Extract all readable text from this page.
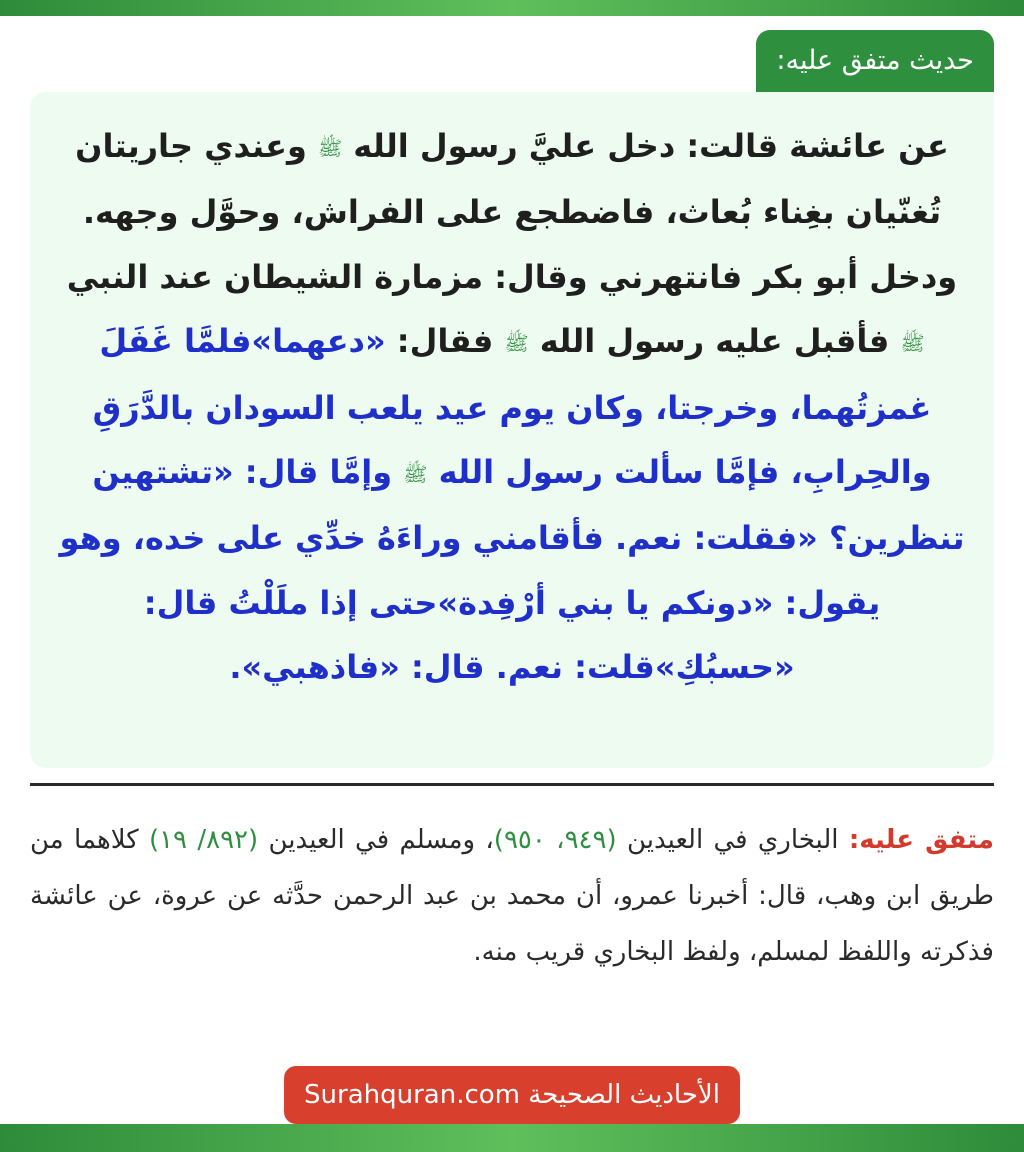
حديث متفق عليه:

عن عائشة قالت: دخل عليَّ رسول الله ﷺ وعندي جاريتان تُغنّيان بغِناء بُعاث، فاضطجع على الفراش، وحوَّل وجهه. ودخل أبو بكر فانتهرني وقال: مزمارة الشيطان عند النبي ﷺ فأقبل عليه رسول الله ﷺ فقال: «دعهما»فلمَّا غَفَلَ غمزتُهما، وخرجتا، وكان يوم عيد يلعب السودان بالدَّرَقِ والحِرابِ، فإمَّا سألت رسول الله ﷺ وإمَّا قال: «تشتهين تنظرين؟ «فقلت: نعم. فأقامني وراءَهُ خدِّي على خده، وهو يقول: «دونكم يا بني أرْفِدة»حتى إذا ملَلْتُ قال: «حسبُكِ»قلت: نعم. قال: «فاذهبي».

متفق عليه: البخاري في العيدين (٩٤٩، ٩٥٠)، ومسلم في العيدين (٨٩٢/ ١٩) كلاهما من طريق ابن وهب، قال: أخبرنا عمرو، أن محمد بن عبد الرحمن حدَّثه عن عروة، عن عائشة فذكرته واللفظ لمسلم، ولفظ البخاري قريب منه.

الأحاديث الصحيحة Surahquran.com
